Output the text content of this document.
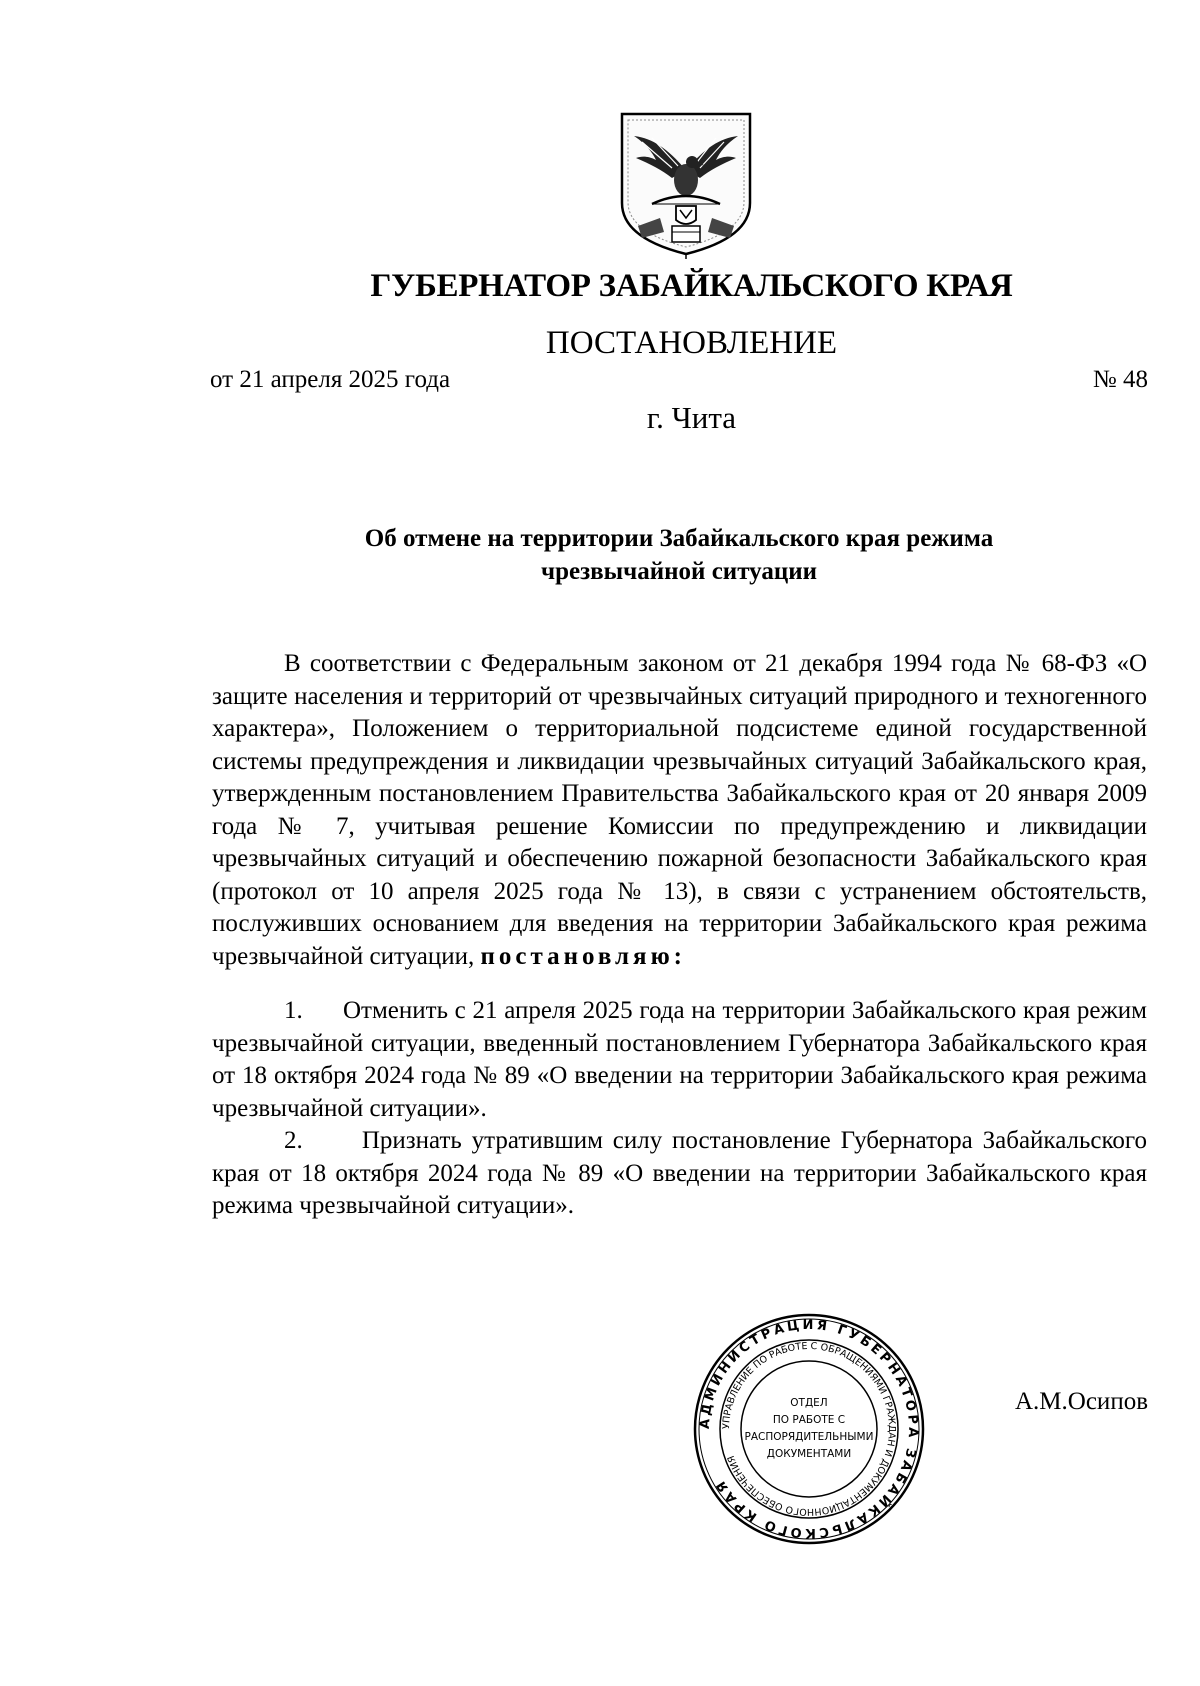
ГУБЕРНАТОР ЗАБАЙКАЛЬСКОГО КРАЯ
ПОСТАНОВЛЕНИЕ
от 21 апреля 2025 года	№ 48
г. Чита
Об отмене на территории Забайкальского края режима
чрезвычайной ситуации

В соответствии с Федеральным законом от 21 декабря 1994 года № 68-ФЗ «О защите населения и территорий от чрезвычайных ситуаций природного и техногенного характера», Положением о территориальной подсистеме единой государственной системы предупреждения и ликвидации чрезвычайных ситуаций Забайкальского края, утвержденным постановлением Правительства Забайкальского края от 20 января 2009 года № 7, учитывая решение Комиссии по предупреждению и ликвидации чрезвычайных ситуаций и обеспечению пожарной безопасности Забайкальского края (протокол от 10 апреля 2025 года № 13), в связи с устранением обстоятельств, послуживших основанием для введения на территории Забайкальского края режима чрезвычайной ситуации, постановляю:

1. Отменить с 21 апреля 2025 года на территории Забайкальского края режим чрезвычайной ситуации, введенный постановлением Губернатора Забайкальского края от 18 октября 2024 года № 89 «О введении на территории Забайкальского края режима чрезвычайной ситуации».

2. Признать утратившим силу постановление Губернатора Забайкальского края от 18 октября 2024 года № 89 «О введении на территории Забайкальского края режима чрезвычайной ситуации».

АДМИНИСТРАЦИЯ ГУБЕРНАТОРА ЗАБАЙКАЛЬСКОГО КРАЯ
УПРАВЛЕНИЕ ПО РАБОТЕ С ОБРАЩЕНИЯМИ ГРАЖДАН И ДОКУМЕНТАЦИОННОГО ОБЕСПЕЧЕНИЯ
ОТДЕЛ
ПО РАБОТЕ С
РАСПОРЯДИТЕЛЬНЫМИ
ДОКУМЕНТАМИ
А.М.Осипов
